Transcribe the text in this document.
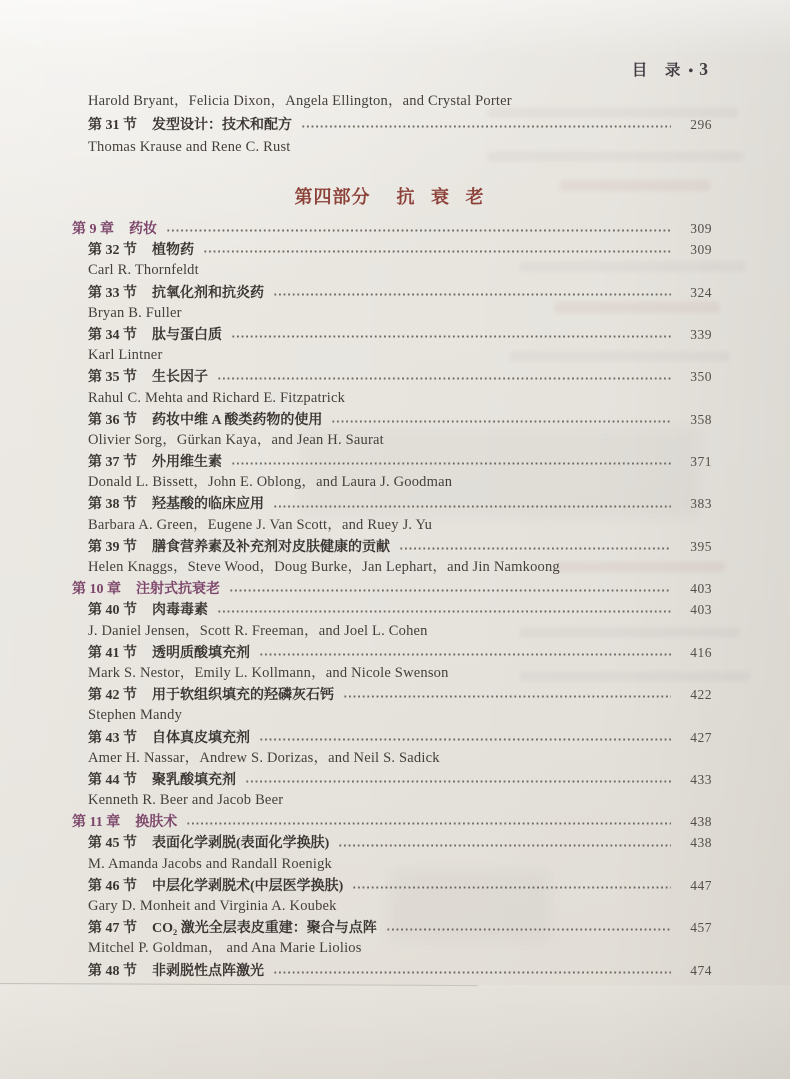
目　录 • 3
Harold Bryant，Felicia Dixon，Angela Ellington，and Crystal Porter
第 31 节 发型设计：技术和配方	296
Thomas Krause and Rene C. Rust
第四部分 抗 衰 老
第 9 章 药妆	309
第 32 节 植物药	309
Carl R. Thornfeldt
第 33 节 抗氧化剂和抗炎药	324
Bryan B. Fuller
第 34 节 肽与蛋白质	339
Karl Lintner
第 35 节 生长因子	350
Rahul C. Mehta and Richard E. Fitzpatrick
第 36 节 药妆中维 A 酸类药物的使用	358
Olivier Sorg，Gürkan Kaya，and Jean H. Saurat
第 37 节 外用维生素	371
Donald L. Bissett，John E. Oblong，and Laura J. Goodman
第 38 节 羟基酸的临床应用	383
Barbara A. Green，Eugene J. Van Scott，and Ruey J. Yu
第 39 节 膳食营养素及补充剂对皮肤健康的贡献	395
Helen Knaggs，Steve Wood，Doug Burke，Jan Lephart，and Jin Namkoong
第 10 章 注射式抗衰老	403
第 40 节 肉毒毒素	403
J. Daniel Jensen，Scott R. Freeman，and Joel L. Cohen
第 41 节 透明质酸填充剂	416
Mark S. Nestor，Emily L. Kollmann，and Nicole Swenson
第 42 节 用于软组织填充的羟磷灰石钙	422
Stephen Mandy
第 43 节 自体真皮填充剂	427
Amer H. Nassar，Andrew S. Dorizas，and Neil S. Sadick
第 44 节 聚乳酸填充剂	433
Kenneth R. Beer and Jacob Beer
第 11 章 换肤术	438
第 45 节 表面化学剥脱(表面化学换肤)	438
M. Amanda Jacobs and Randall Roenigk
第 46 节 中层化学剥脱术(中层医学换肤)	447
Gary D. Monheit and Virginia A. Koubek
第 47 节 CO₂ 激光全层表皮重建：聚合与点阵	457
Mitchel P. Goldman， and Ana Marie Liolios
第 48 节 非剥脱性点阵激光	474
